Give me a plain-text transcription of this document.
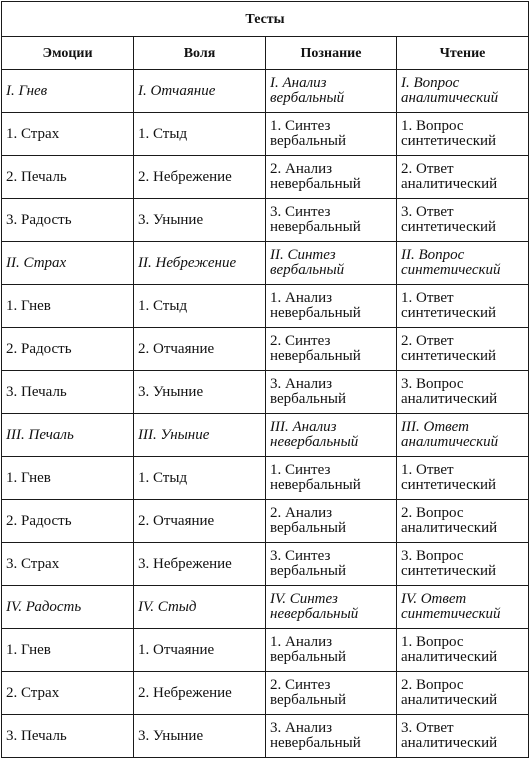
Тесты			
Эмоции	Воля	Познание	Чтение
I. Гнев	I. Отчаяние	I. Анализ вербальный	I. Вопрос аналитический
1. Страх	1. Стыд	1. Синтез вербальный	1. Вопрос синтетический
2. Печаль	2. Небрежение	2. Анализ невербальный	2. Ответ аналитический
3. Радость	3. Уныние	3. Синтез невербальный	3. Ответ синтетический
II. Страх	II. Небрежение	II. Синтез вербальный	II. Вопрос синтетический
1. Гнев	1. Стыд	1. Анализ невербальный	1. Ответ синтетический
2. Радость	2. Отчаяние	2. Синтез невербальный	2. Ответ синтетический
3. Печаль	3. Уныние	3. Анализ вербальный	3. Вопрос аналитический
III. Печаль	III. Уныние	III. Анализ невербальный	III. Ответ аналитический
1. Гнев	1. Стыд	1. Синтез невербальный	1. Ответ синтетический
2. Радость	2. Отчаяние	2. Анализ вербальный	2. Вопрос аналитический
3. Страх	3. Небрежение	3. Синтез вербальный	3. Вопрос синтетический
IV. Радость	IV. Стыд	IV. Синтез невербальный	IV. Ответ синтетический
1. Гнев	1. Отчаяние	1. Анализ вербальный	1. Вопрос аналитический
2. Страх	2. Небрежение	2. Синтез вербальный	2. Вопрос аналитический
3. Печаль	3. Уныние	3. Анализ невербальный	3. Ответ аналитический
